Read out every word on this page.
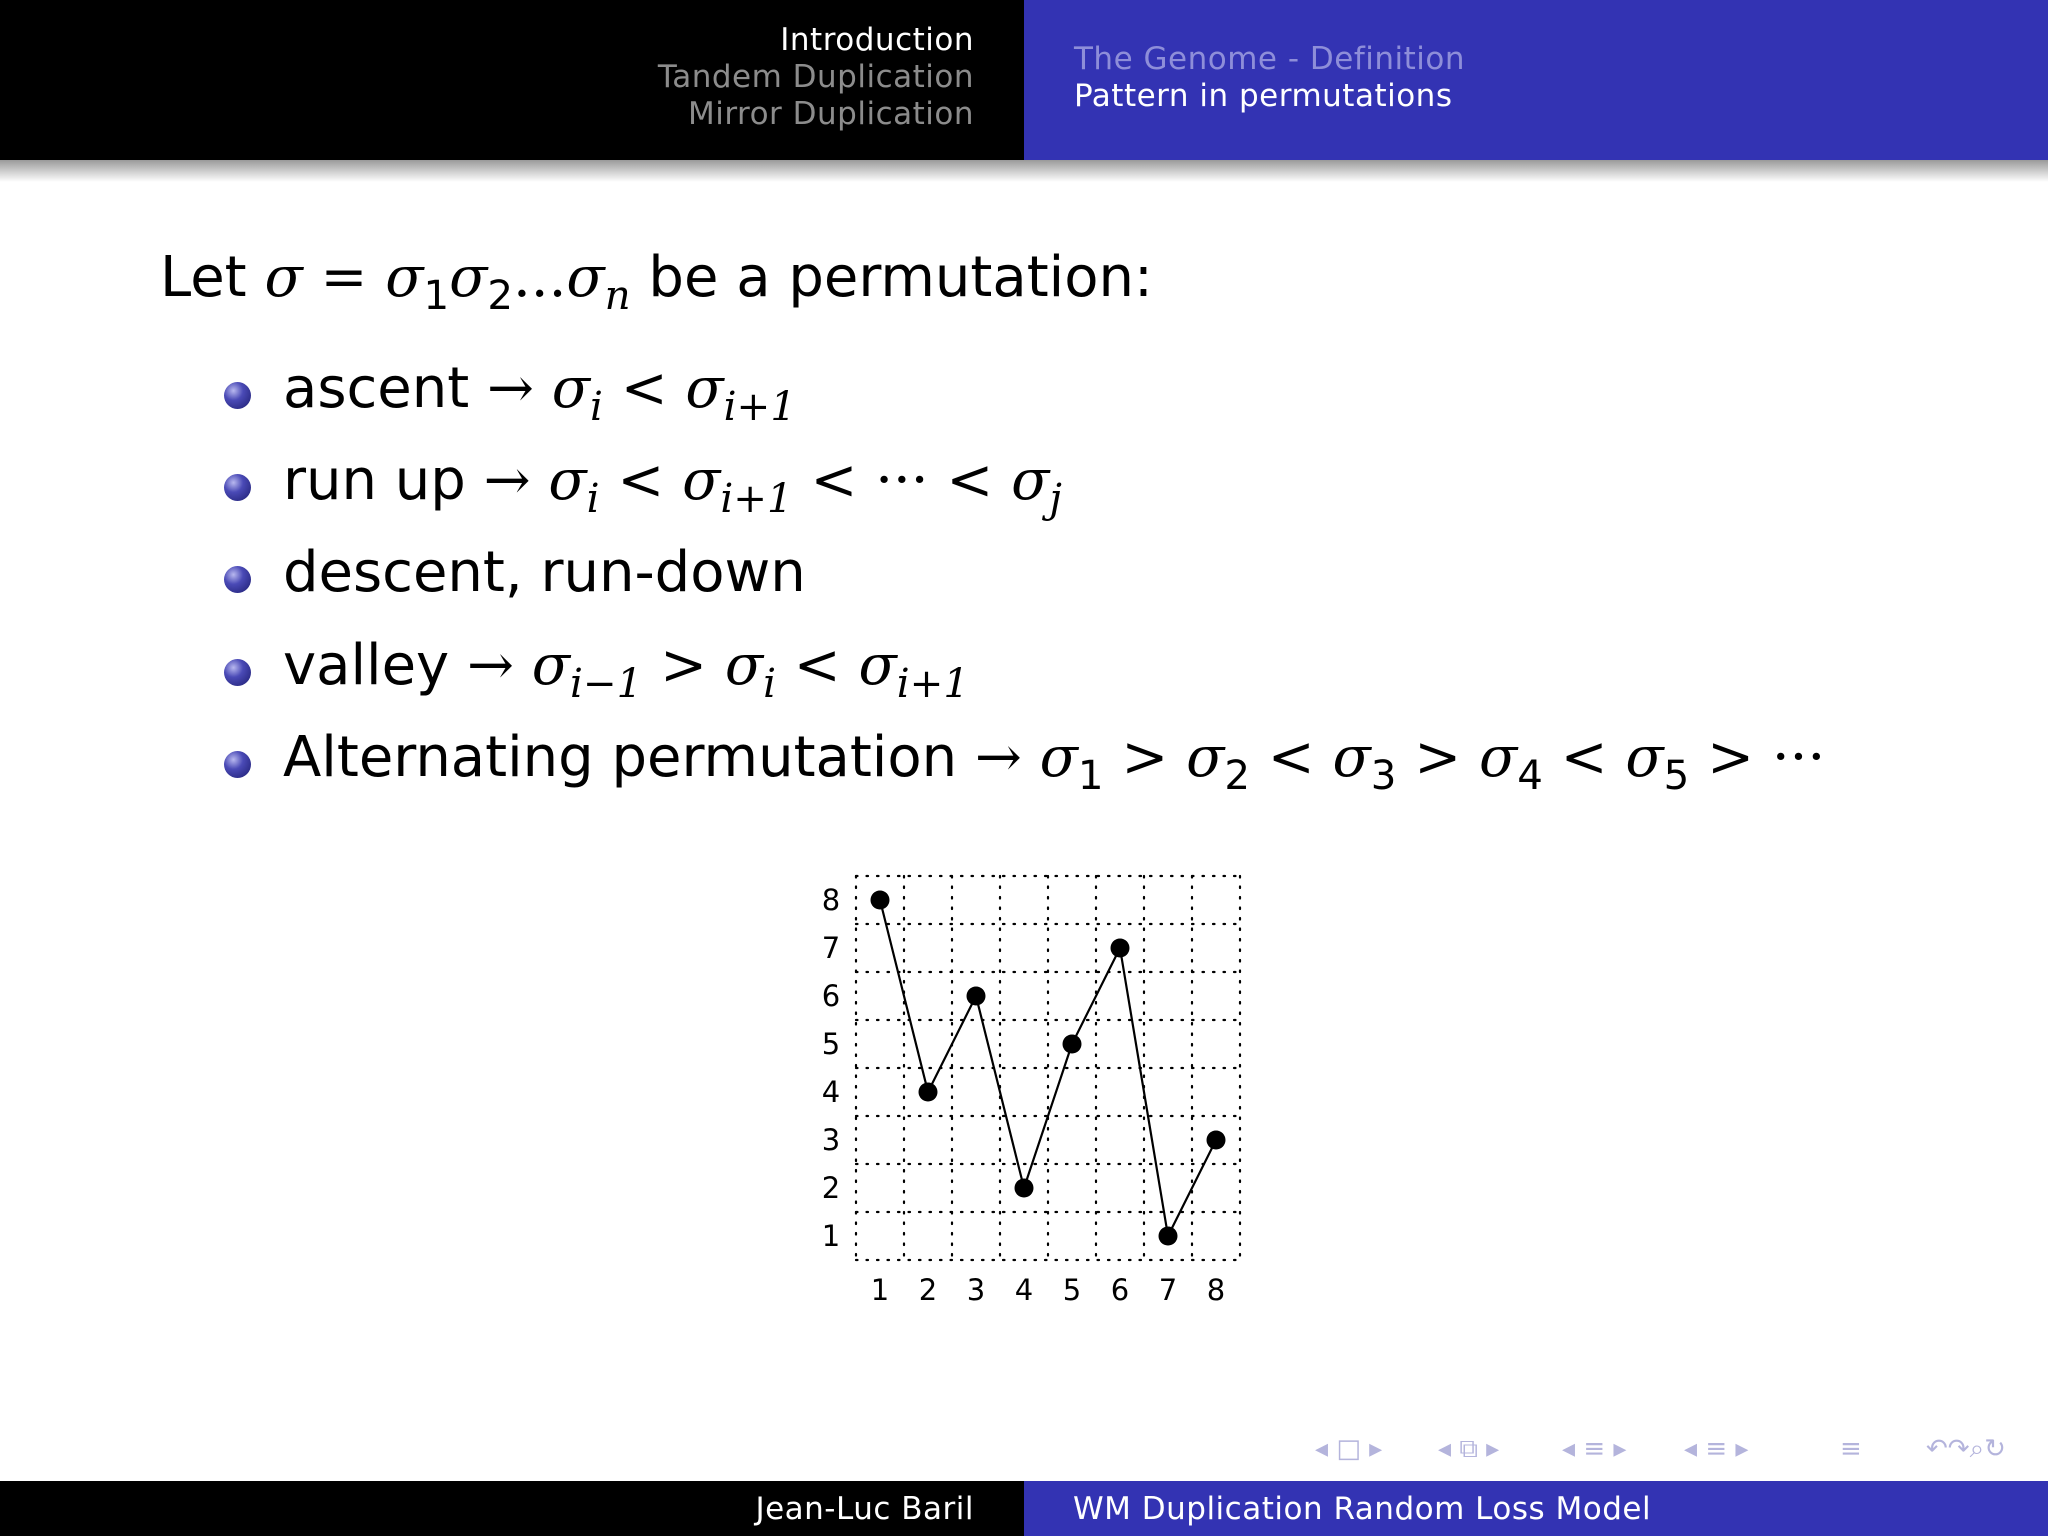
Introduction
Tandem Duplication
Mirror Duplication
The Genome - Definition
Pattern in permutations
Let $\sigma = \sigma_1\sigma_2...\sigma_n$ be a permutation:
ascent → $\sigma_i < \sigma_{i+1}$
run up → $\sigma_i < \sigma_{i+1}$ < ··· < $\sigma_j$
descent, run-down
valley → $\sigma_{i-1} > \sigma_i < \sigma_{i+1}$
Alternating permutation → $\sigma_1 > \sigma_2 < \sigma_3 > \sigma_4 < \sigma_5$ > ···
1 2 3 4 5 6 7 8
1
2
3
4
5
6
7
8
Jean-Luc Baril	WM Duplication Random Loss Model
◂ □ ▸ ◂ ⧉ ▸ ◂ ≡ ▸ ◂ ≡ ▸	≡ ↶↷⌕↻
